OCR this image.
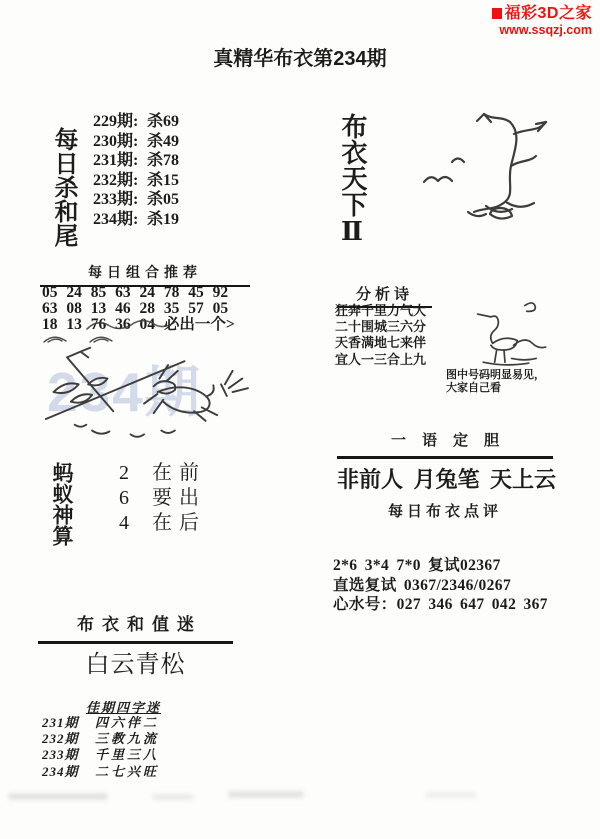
福彩3D之家
www.ssqzj.com
真精华布衣第234期
每日杀和尾
229期: 杀69
230期: 杀49
231期: 杀78
232期: 杀15
233期: 杀05
234期: 杀19	布衣天下Ⅱ
每日组合推荐
05 24 85 63 24 78 45 92
63 08 13 46 28 35 57 05
18 13 76 36 04 必出一个>
234期
分析诗
狂奔千里力气大
二十围城三六分
天香满地七来伴
宜人一三合上九
图中号码明显易见，
大家自己看
一语定胆
非前人 月兔笔 天上云
每日布衣点评
2*6 3*4 7*0 复试02367
直选复试 0367/2346/0267
心水号：027 346 647 042 367
蚂蚁神算 2	在前
6	要出
4	在后
布衣和值迷
白云青松
佳期四字迷
231期	四六伴二
232期	三教九流
233期	千里三八
234期	二七兴旺
